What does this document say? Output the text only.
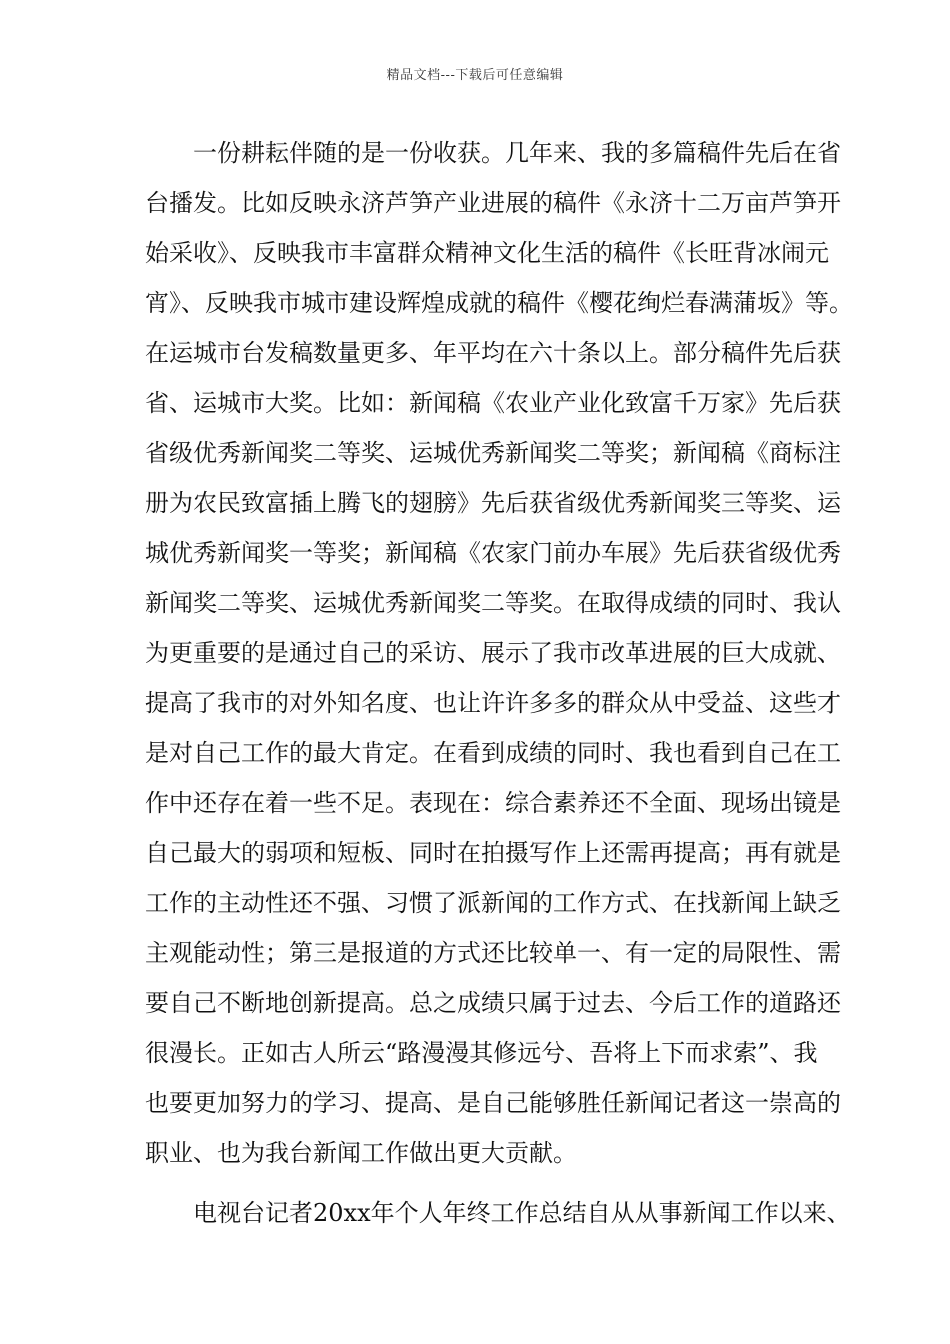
精品文档---下载后可任意编辑
一份耕耘伴随的是一份收获。几年来、我的多篇稿件先后在省
台播发。比如反映永济芦笋产业进展的稿件《永济十二万亩芦笋开
始采收》、反映我市丰富群众精神文化生活的稿件《长旺背冰闹元
宵》、反映我市城市建设辉煌成就的稿件《樱花绚烂春满蒲坂》等。
在运城市台发稿数量更多、年平均在六十条以上。部分稿件先后获
省、运城市大奖。比如：新闻稿《农业产业化致富千万家》先后获
省级优秀新闻奖二等奖、运城优秀新闻奖二等奖；新闻稿《商标注
册为农民致富插上腾飞的翅膀》先后获省级优秀新闻奖三等奖、运
城优秀新闻奖一等奖；新闻稿《农家门前办车展》先后获省级优秀
新闻奖二等奖、运城优秀新闻奖二等奖。在取得成绩的同时、我认
为更重要的是通过自己的采访、展示了我市改革进展的巨大成就、
提高了我市的对外知名度、也让许许多多的群众从中受益、这些才
是对自己工作的最大肯定。在看到成绩的同时、我也看到自己在工
作中还存在着一些不足。表现在：综合素养还不全面、现场出镜是
自己最大的弱项和短板、同时在拍摄写作上还需再提高；再有就是
工作的主动性还不强、习惯了派新闻的工作方式、在找新闻上缺乏
主观能动性；第三是报道的方式还比较单一、有一定的局限性、需
要自己不断地创新提高。总之成绩只属于过去、今后工作的道路还
很漫长。正如古人所云“路漫漫其修远兮、吾将上下而求索”、我
也要更加努力的学习、提高、是自己能够胜任新闻记者这一崇高的
职业、也为我台新闻工作做出更大贡献。
电视台记者20xx年个人年终工作总结自从从事新闻工作以来、
